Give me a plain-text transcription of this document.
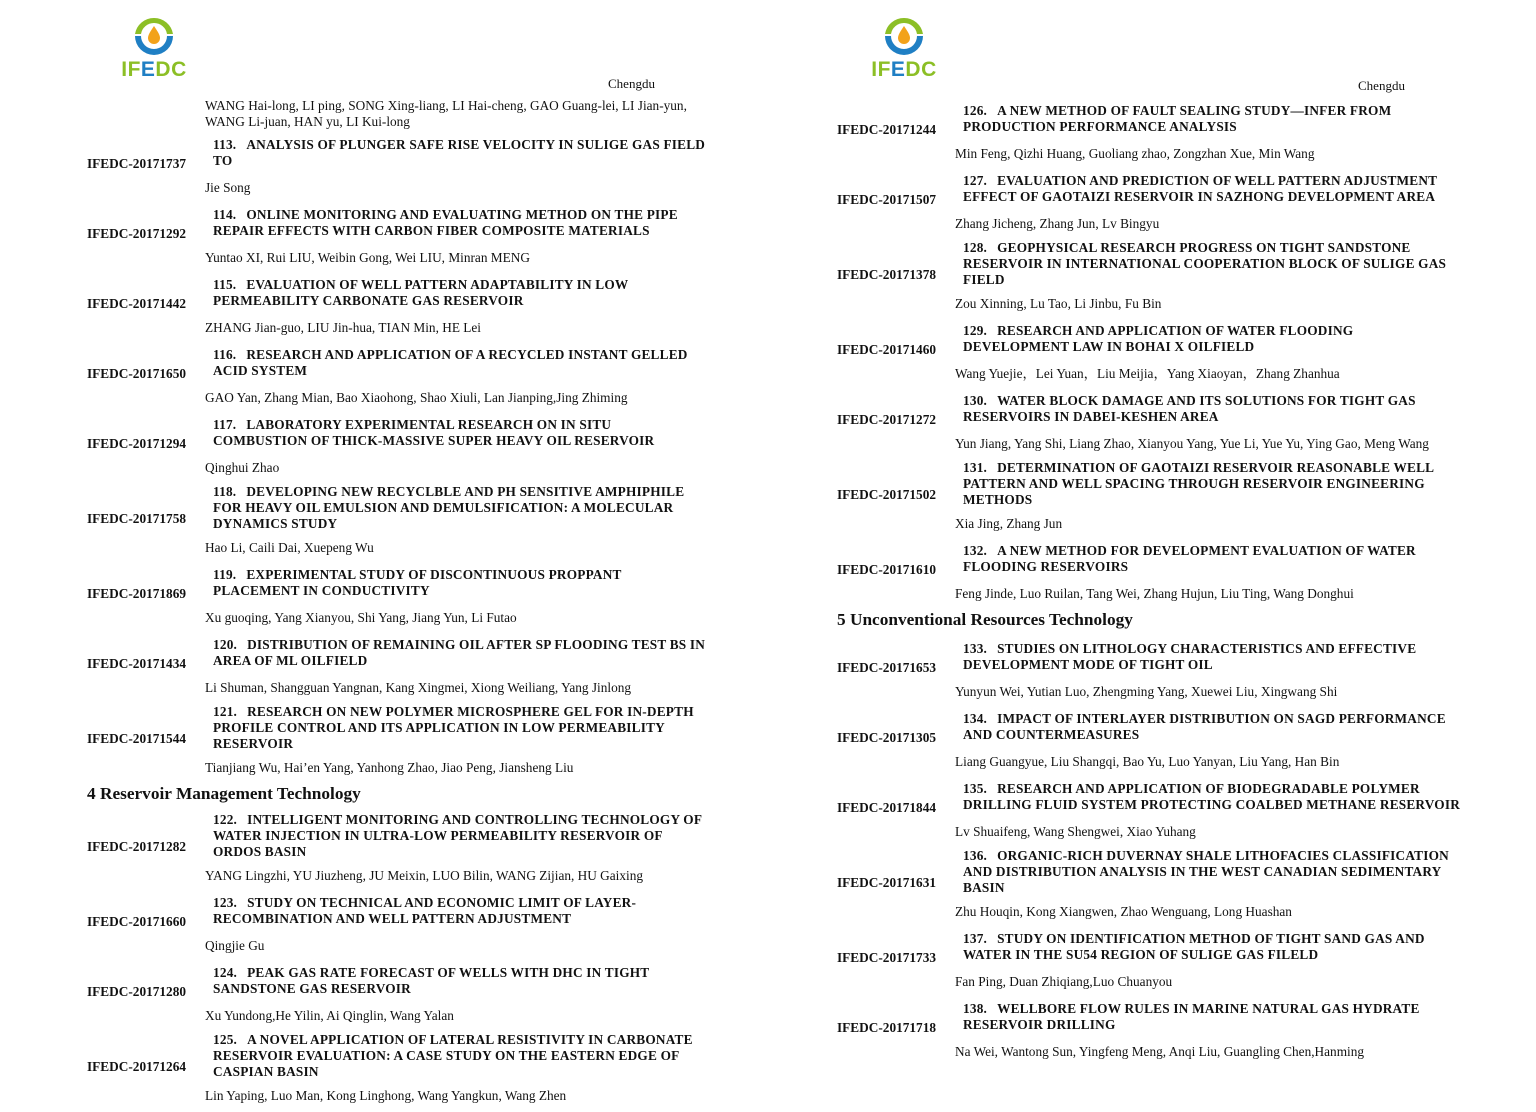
IFEDC
Chengdu
WANG Hai-long, LI ping, SONG Xing-liang, LI Hai-cheng, GAO Guang-lei, LI Jian-yun, WANG Li-juan, HAN yu, LI Kui-long
IFEDC-20171737
113. ANALYSIS OF PLUNGER SAFE RISE VELOCITY IN SULIGE GAS FIELD TO
Jie Song
IFEDC-20171292
114. ONLINE MONITORING AND EVALUATING METHOD ON THE PIPE REPAIR EFFECTS WITH CARBON FIBER COMPOSITE MATERIALS
Yuntao XI, Rui LIU, Weibin Gong, Wei LIU, Minran MENG
IFEDC-20171442
115. EVALUATION OF WELL PATTERN ADAPTABILITY IN LOW PERMEABILITY CARBONATE GAS RESERVOIR
ZHANG Jian-guo, LIU Jin-hua, TIAN Min, HE Lei
IFEDC-20171650
116. RESEARCH AND APPLICATION OF A RECYCLED INSTANT GELLED ACID SYSTEM
GAO Yan, Zhang Mian, Bao Xiaohong, Shao Xiuli, Lan Jianping,Jing Zhiming
IFEDC-20171294
117. LABORATORY EXPERIMENTAL RESEARCH ON IN SITU COMBUSTION OF THICK-MASSIVE SUPER HEAVY OIL RESERVOIR
Qinghui Zhao
IFEDC-20171758
118. DEVELOPING NEW RECYCLBLE AND PH SENSITIVE AMPHIPHILE FOR HEAVY OIL EMULSION AND DEMULSIFICATION: A MOLECULAR DYNAMICS STUDY
Hao Li, Caili Dai, Xuepeng Wu
IFEDC-20171869
119. EXPERIMENTAL STUDY OF DISCONTINUOUS PROPPANT PLACEMENT IN CONDUCTIVITY
Xu guoqing, Yang Xianyou, Shi Yang, Jiang Yun, Li Futao
IFEDC-20171434
120. DISTRIBUTION OF REMAINING OIL AFTER SP FLOODING TEST BS IN AREA OF ML OILFIELD
Li Shuman, Shangguan Yangnan, Kang Xingmei, Xiong Weiliang, Yang Jinlong
IFEDC-20171544
121. RESEARCH ON NEW POLYMER MICROSPHERE GEL FOR IN-DEPTH PROFILE CONTROL AND ITS APPLICATION IN LOW PERMEABILITY RESERVOIR
Tianjiang Wu, Hai’en Yang, Yanhong Zhao, Jiao Peng, Jiansheng Liu
4 Reservoir Management Technology
IFEDC-20171282
122. INTELLIGENT MONITORING AND CONTROLLING TECHNOLOGY OF WATER INJECTION IN ULTRA-LOW PERMEABILITY RESERVOIR OF ORDOS BASIN
YANG Lingzhi, YU Jiuzheng, JU Meixin, LUO Bilin, WANG Zijian, HU Gaixing
IFEDC-20171660
123. STUDY ON TECHNICAL AND ECONOMIC LIMIT OF LAYER-RECOMBINATION AND WELL PATTERN ADJUSTMENT
Qingjie Gu
IFEDC-20171280
124. PEAK GAS RATE FORECAST OF WELLS WITH DHC IN TIGHT SANDSTONE GAS RESERVOIR
Xu Yundong,He Yilin, Ai Qinglin, Wang Yalan
IFEDC-20171264
125. A NOVEL APPLICATION OF LATERAL RESISTIVITY IN CARBONATE RESERVOIR EVALUATION: A CASE STUDY ON THE EASTERN EDGE OF CASPIAN BASIN
Lin Yaping, Luo Man, Kong Linghong, Wang Yangkun, Wang Zhen
IFEDC
Chengdu
IFEDC-20171244
126. A NEW METHOD OF FAULT SEALING STUDY—INFER FROM PRODUCTION PERFORMANCE ANALYSIS
Min Feng, Qizhi Huang, Guoliang zhao, Zongzhan Xue, Min Wang
IFEDC-20171507
127. EVALUATION AND PREDICTION OF WELL PATTERN ADJUSTMENT EFFECT OF GAOTAIZI RESERVOIR IN SAZHONG DEVELOPMENT AREA
Zhang Jicheng, Zhang Jun, Lv Bingyu
IFEDC-20171378
128. GEOPHYSICAL RESEARCH PROGRESS ON TIGHT SANDSTONE RESERVOIR IN INTERNATIONAL COOPERATION BLOCK OF SULIGE GAS FIELD
Zou Xinning, Lu Tao, Li Jinbu, Fu Bin
IFEDC-20171460
129. RESEARCH AND APPLICATION OF WATER FLOODING DEVELOPMENT LAW IN BOHAI X OILFIELD
Wang Yuejie，Lei Yuan，Liu Meijia，Yang Xiaoyan，Zhang Zhanhua
IFEDC-20171272
130. WATER BLOCK DAMAGE AND ITS SOLUTIONS FOR TIGHT GAS RESERVOIRS IN DABEI-KESHEN AREA
Yun Jiang, Yang Shi, Liang Zhao, Xianyou Yang, Yue Li, Yue Yu, Ying Gao, Meng Wang
IFEDC-20171502
131. DETERMINATION OF GAOTAIZI RESERVOIR REASONABLE WELL PATTERN AND WELL SPACING THROUGH RESERVOIR ENGINEERING METHODS
Xia Jing, Zhang Jun
IFEDC-20171610
132. A NEW METHOD FOR DEVELOPMENT EVALUATION OF WATER FLOODING RESERVOIRS
Feng Jinde, Luo Ruilan, Tang Wei, Zhang Hujun, Liu Ting, Wang Donghui
5 Unconventional Resources Technology
IFEDC-20171653
133. STUDIES ON LITHOLOGY CHARACTERISTICS AND EFFECTIVE DEVELOPMENT MODE OF TIGHT OIL
Yunyun Wei, Yutian Luo, Zhengming Yang, Xuewei Liu, Xingwang Shi
IFEDC-20171305
134. IMPACT OF INTERLAYER DISTRIBUTION ON SAGD PERFORMANCE AND COUNTERMEASURES
Liang Guangyue, Liu Shangqi, Bao Yu, Luo Yanyan, Liu Yang, Han Bin
IFEDC-20171844
135. RESEARCH AND APPLICATION OF BIODEGRADABLE POLYMER DRILLING FLUID SYSTEM PROTECTING COALBED METHANE RESERVOIR
Lv Shuaifeng, Wang Shengwei, Xiao Yuhang
IFEDC-20171631
136. ORGANIC-RICH DUVERNAY SHALE LITHOFACIES CLASSIFICATION AND DISTRIBUTION ANALYSIS IN THE WEST CANADIAN SEDIMENTARY BASIN
Zhu Houqin, Kong Xiangwen, Zhao Wenguang, Long Huashan
IFEDC-20171733
137. STUDY ON IDENTIFICATION METHOD OF TIGHT SAND GAS AND WATER IN THE SU54 REGION OF SULIGE GAS FILELD
Fan Ping, Duan Zhiqiang,Luo Chuanyou
IFEDC-20171718
138. WELLBORE FLOW RULES IN MARINE NATURAL GAS HYDRATE RESERVOIR DRILLING
Na Wei, Wantong Sun, Yingfeng Meng, Anqi Liu, Guangling Chen,Hanming
